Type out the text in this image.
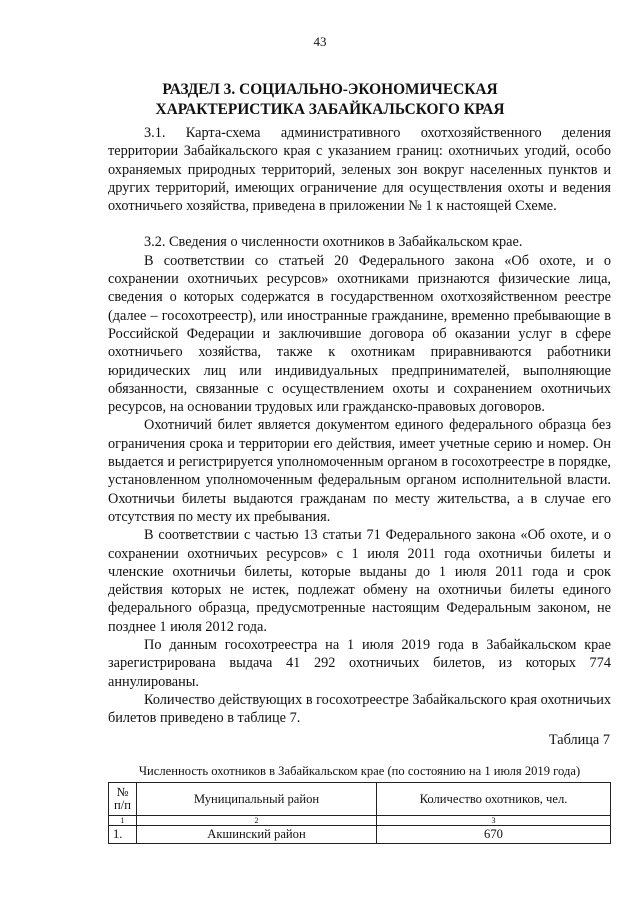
43
РАЗДЕЛ 3. СОЦИАЛЬНО-ЭКОНОМИЧЕСКАЯ
ХАРАКТЕРИСТИКА ЗАБАЙКАЛЬСКОГО КРАЯ

3.1. Карта-схема административного охотхозяйственного деления территории Забайкальского края с указанием границ: охотничьих угодий, особо охраняемых природных территорий, зеленых зон вокруг населенных пунктов и других территорий, имеющих ограничение для осуществления охоты и ведения охотничьего хозяйства, приведена в приложении № 1 к настоящей Схеме.

3.2. Сведения о численности охотников в Забайкальском крае.

В соответствии со статьей 20 Федерального закона «Об охоте, и о сохранении охотничьих ресурсов» охотниками признаются физические лица, сведения о которых содержатся в государственном охотхозяйственном реестре (далее – госохотреестр), или иностранные гражданине, временно пребывающие в Российской Федерации и заключившие договора об оказании услуг в сфере охотничьего хозяйства, также к охотникам приравниваются работники юридических лиц или индивидуальных предпринимателей, выполняющие обязанности, связанные с осуществлением охоты и сохранением охотничьих ресурсов, на основании трудовых или гражданско-правовых договоров.

Охотничий билет является документом единого федерального образца без ограничения срока и территории его действия, имеет учетные серию и номер. Он выдается и регистрируется уполномоченным органом в госохотреестре в порядке, установленном уполномоченным федеральным органом исполнительной власти. Охотничьи билеты выдаются гражданам по месту жительства, а в случае его отсутствия по месту их пребывания.

В соответствии с частью 13 статьи 71 Федерального закона «Об охоте, и о сохранении охотничьих ресурсов» с 1 июля 2011 года охотничьи билеты и членские охотничьи билеты, которые выданы до 1 июля 2011 года и срок действия которых не истек, подлежат обмену на охотничьи билеты единого федерального образца, предусмотренные настоящим Федеральным законом, не позднее 1 июля 2012 года.

По данным госохотреестра на 1 июля 2019 года в Забайкальском крае зарегистрирована выдача 41 292 охотничьих билетов, из которых 774 аннулированы.

Количество действующих в госохотреестре Забайкальского края охотничьих билетов приведено в таблице 7.

Таблица 7
Численность охотников в Забайкальском крае (по состоянию на 1 июля 2019 года)
№
п/п	Муниципальный район	Количество охотников, чел.
1	2	3
1.	Акшинский район	670
